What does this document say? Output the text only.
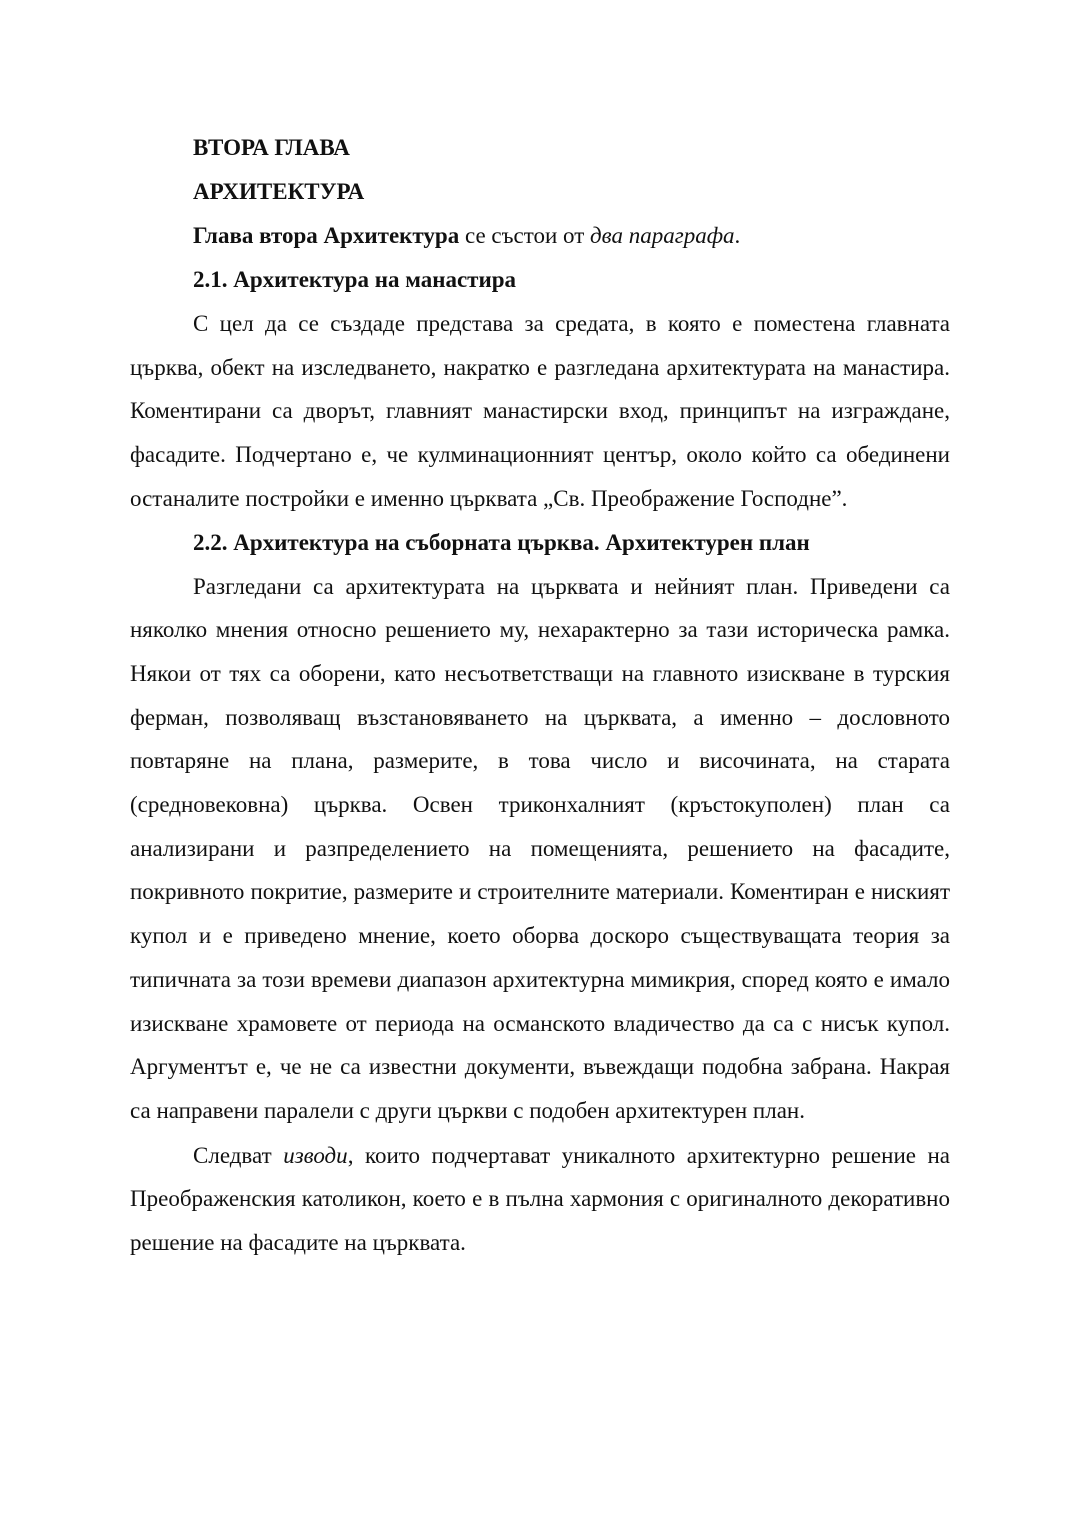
ВТОРА ГЛАВА

АРХИТЕКТУРА

Глава втора Архитектура се състои от два параграфа.

2.1. Архитектура на манастира

С цел да се създаде представа за средата, в която е поместена главната църква, обект на изследването, накратко е разгледана архитектурата на манастира. Коментирани са дворът, главният манастирски вход, принципът на изграждане, фасадите. Подчертано е, че кулминационният център, около който са обединени останалите постройки е именно църквата „Св. Преображение Господне”.

2.2. Архитектура на съборната църква. Архитектурен план

Разгледани са архитектурата на църквата и нейният план. Приведени са няколко мнения относно решението му, нехарактерно за тази историческа рамка. Някои от тях са оборени, като несъответстващи на главното изискване в турския ферман, позволяващ възстановяването на църквата, а именно – дословното повтаряне на плана, размерите, в това число и височината, на старата (средновековна) църква. Освен триконхалният (кръстокуполен) план са анализирани и разпределението на помещенията, решението на фасадите, покривното покритие, размерите и строителните материали. Коментиран е ниският купол и е приведено мнение, което оборва доскоро съществуващата теория за типичната за този времеви диапазон архитектурна мимикрия, според която е имало изискване храмовете от периода на османското владичество да са с нисък купол. Аргументът е, че не са известни документи, въвеждащи подобна забрана. Накрая са направени паралели с други църкви с подобен архитектурен план.

Следват изводи, които подчертават уникалното архитектурно решение на Преображенския католикон, което е в пълна хармония с оригиналното декоративно решение на фасадите на църквата.
